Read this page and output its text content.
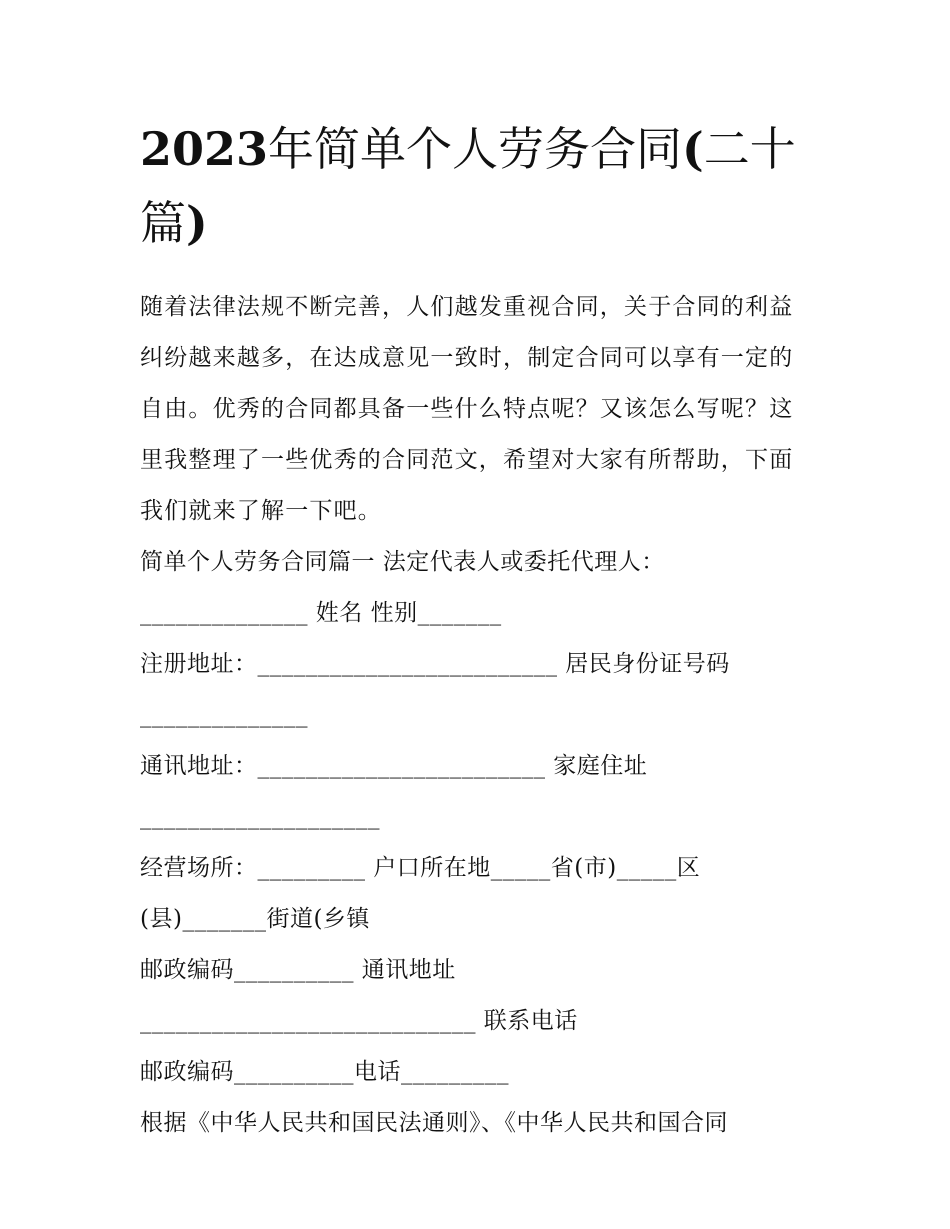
2023年简单个人劳务合同(二十篇)

随着法律法规不断完善，人们越发重视合同，关于合同的利益

纠纷越来越多，在达成意见一致时，制定合同可以享有一定的

自由。优秀的合同都具备一些什么特点呢？又该怎么写呢？这

里我整理了一些优秀的合同范文，希望对大家有所帮助，下面

我们就来了解一下吧。

简单个人劳务合同篇一 法定代表人或委托代理人：

______________ 姓名 性别_______

注册地址：_________________________ 居民身份证号码

______________

通讯地址：________________________ 家庭住址

____________________

经营场所：_________ 户口所在地_____省(市)_____区

(县)_______街道(乡镇

邮政编码__________ 通讯地址

____________________________ 联系电话

邮政编码__________电话_________

根据《中华人民共和国民法通则》、《中华人民共和国合同
